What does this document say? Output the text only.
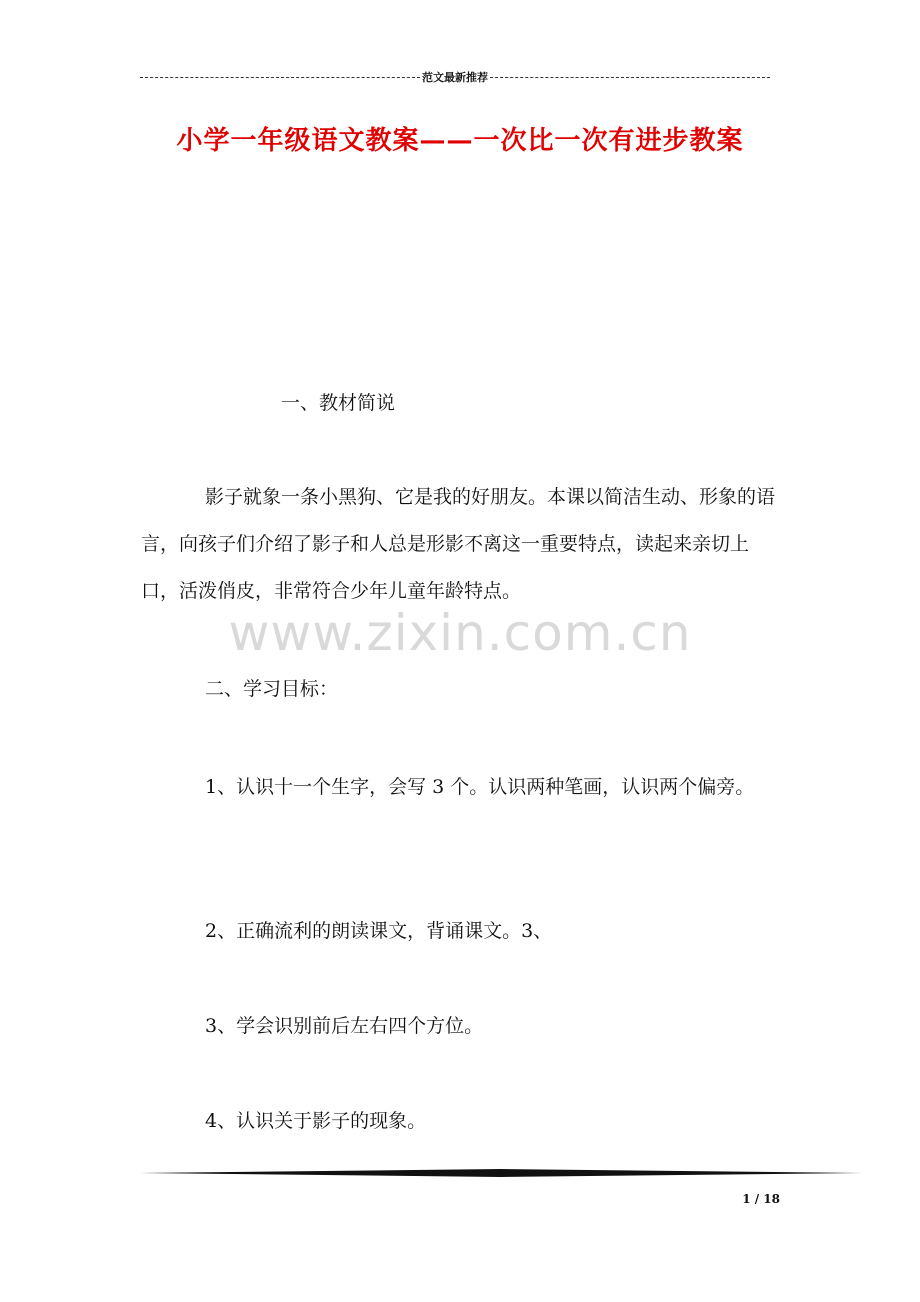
范文最新推荐
小学一年级语文教案——一次比一次有进步教案
www.zixin.com.cn

一、教材简说

影子就象一条小黑狗、它是我的好朋友。本课以简洁生动、形象的语言，向孩子们介绍了影子和人总是形影不离这一重要特点，读起来亲切上口，活泼俏皮，非常符合少年儿童年龄特点。

二、学习目标：

1、认识十一个生字，会写 3 个。认识两种笔画，认识两个偏旁。

2、正确流利的朗读课文，背诵课文。3、

3、学会识别前后左右四个方位。

4、认识关于影子的现象。

1 / 18
